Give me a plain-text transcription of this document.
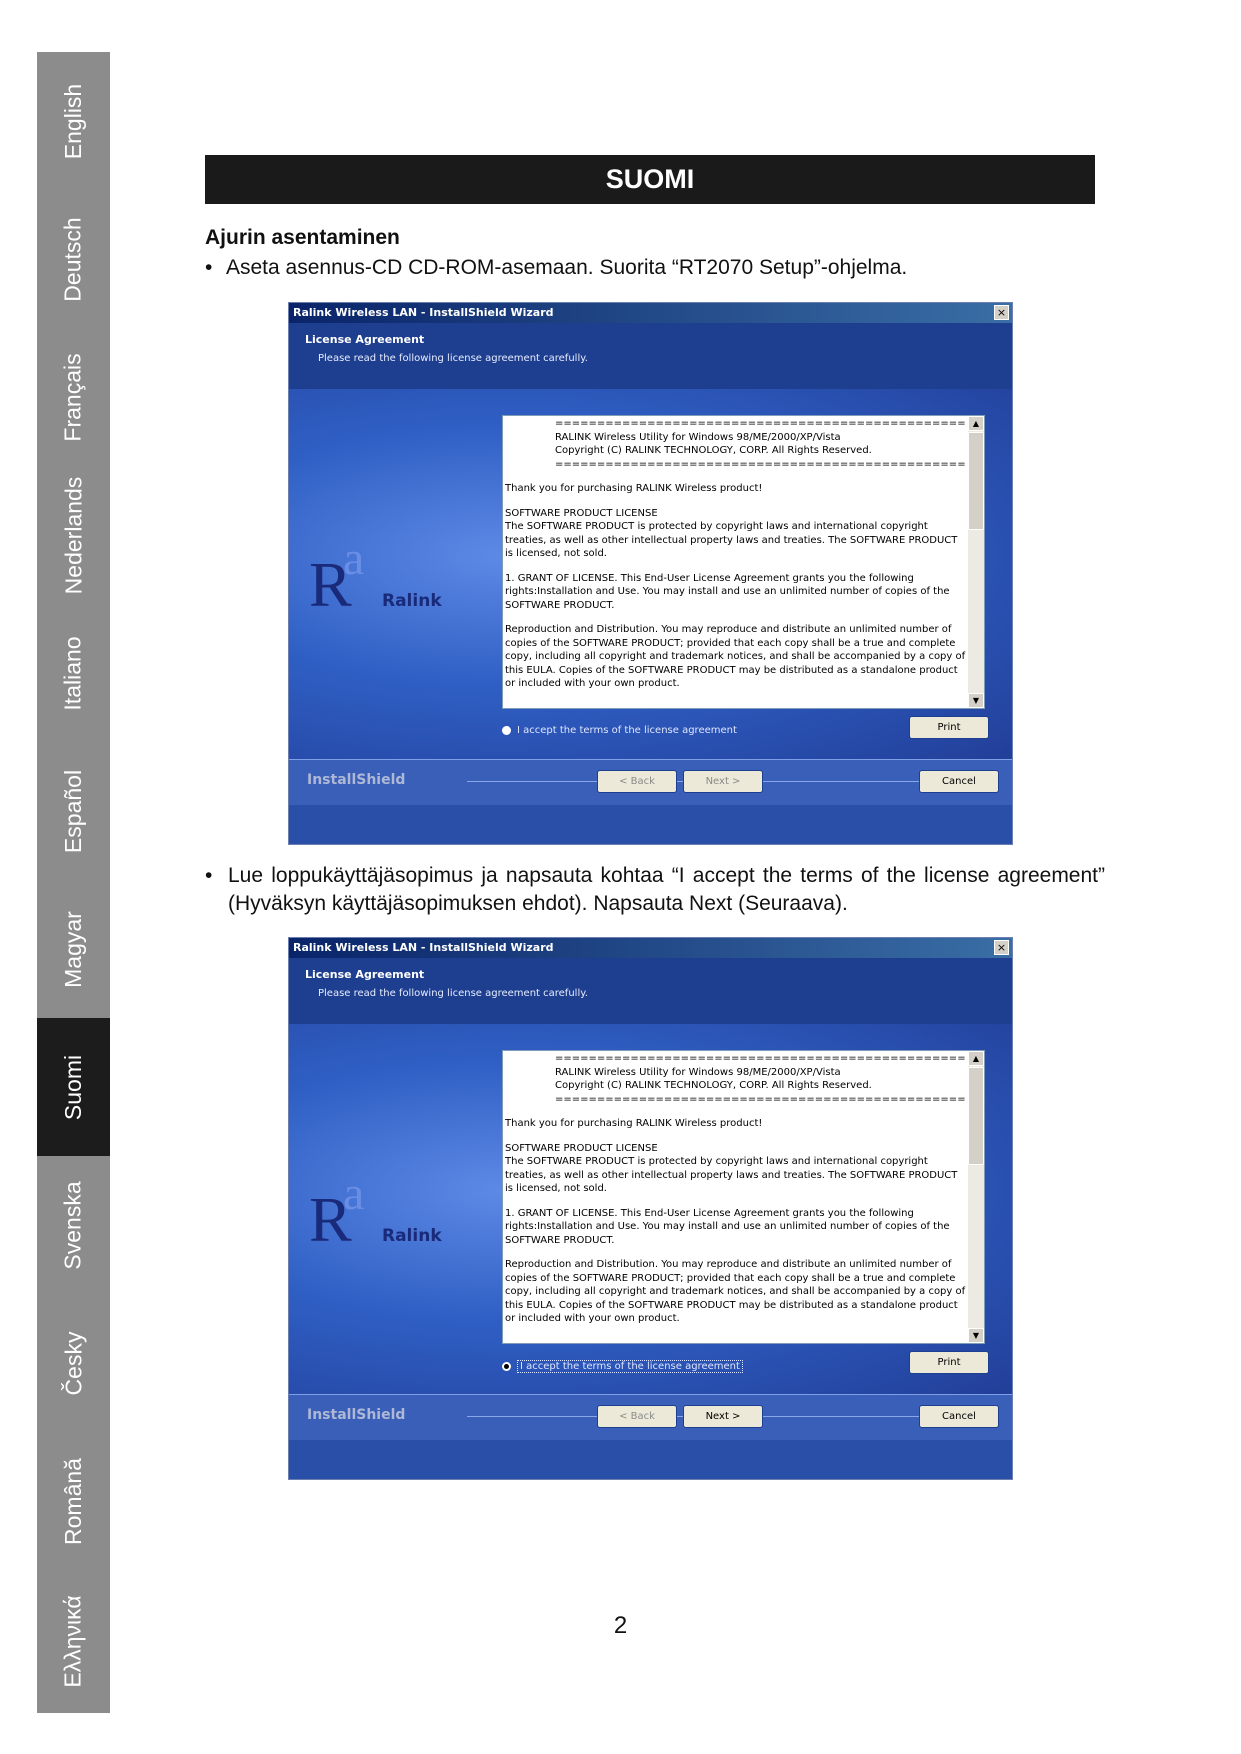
English
Deutsch
Français
Nederlands
Italiano
Español
Magyar
Suomi
Svenska
Česky
Română
Ελληνικά
SUOMI
Ajurin asentaminen
• Aseta asennus-CD CD-ROM-asemaan. Suorita “RT2070 Setup”-ohjelma.
Ralink Wireless LAN - InstallShield Wizard	×
License Agreement
Please read the following license agreement carefully.
a
R Ralink
=================================================
RALINK Wireless Utility for Windows 98/ME/2000/XP/Vista
Copyright (C) RALINK TECHNOLOGY, CORP. All Rights Reserved.
=================================================
Thank you for purchasing RALINK Wireless product!
SOFTWARE PRODUCT LICENSE
The SOFTWARE PRODUCT is protected by copyright laws and international copyright
treaties, as well as other intellectual property laws and treaties. The SOFTWARE PRODUCT
is licensed, not sold.
1. GRANT OF LICENSE. This End-User License Agreement grants you the following
rights:Installation and Use. You may install and use an unlimited number of copies of the
SOFTWARE PRODUCT.
Reproduction and Distribution. You may reproduce and distribute an unlimited number of
copies of the SOFTWARE PRODUCT; provided that each copy shall be a true and complete
copy, including all copyright and trademark notices, and shall be accompanied by a copy of
this EULA. Copies of the SOFTWARE PRODUCT may be distributed as a standalone product
or included with your own product.
▲
▼
I accept the terms of the license agreement	Print
InstallShield	< Back	Next >	Cancel
• Lue loppukäyttäjäsopimus ja napsauta kohtaa “I accept the terms of the license agreement” (Hyväksyn käyttäjäsopimuksen ehdot). Napsauta Next (Seuraava).
Ralink Wireless LAN - InstallShield Wizard	×
License Agreement
Please read the following license agreement carefully.
a
R Ralink
=================================================
RALINK Wireless Utility for Windows 98/ME/2000/XP/Vista
Copyright (C) RALINK TECHNOLOGY, CORP. All Rights Reserved.
=================================================
Thank you for purchasing RALINK Wireless product!
SOFTWARE PRODUCT LICENSE
The SOFTWARE PRODUCT is protected by copyright laws and international copyright
treaties, as well as other intellectual property laws and treaties. The SOFTWARE PRODUCT
is licensed, not sold.
1. GRANT OF LICENSE. This End-User License Agreement grants you the following
rights:Installation and Use. You may install and use an unlimited number of copies of the
SOFTWARE PRODUCT.
Reproduction and Distribution. You may reproduce and distribute an unlimited number of
copies of the SOFTWARE PRODUCT; provided that each copy shall be a true and complete
copy, including all copyright and trademark notices, and shall be accompanied by a copy of
this EULA. Copies of the SOFTWARE PRODUCT may be distributed as a standalone product
or included with your own product.
▲
▼
I accept the terms of the license agreement	Print
InstallShield	< Back	Next >	Cancel
2
